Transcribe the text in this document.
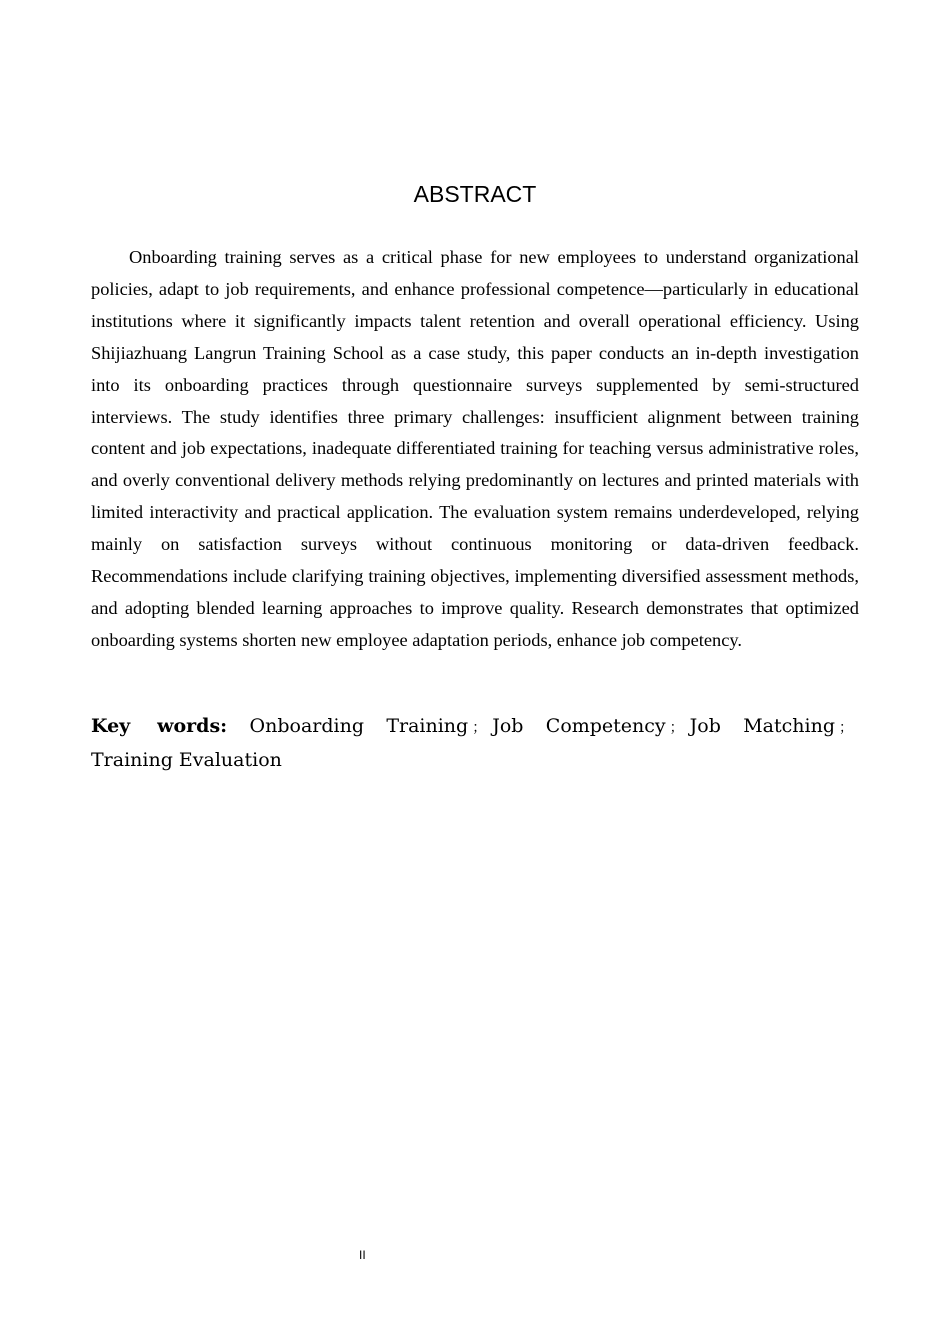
ABSTRACT

Onboarding training serves as a critical phase for new employees to understand organizational policies, adapt to job requirements, and enhance professional competence—particularly in educational institutions where it significantly impacts talent retention and overall operational efficiency. Using Shijiazhuang Langrun Training School as a case study, this paper conducts an in-depth investigation into its onboarding practices through questionnaire surveys supplemented by semi-structured interviews. The study identifies three primary challenges: insufficient alignment between training content and job expectations, inadequate differentiated training for teaching versus administrative roles, and overly conventional delivery methods relying predominantly on lectures and printed materials with limited interactivity and practical application. The evaluation system remains underdeveloped, relying mainly on satisfaction surveys without continuous monitoring or data-driven feedback. Recommendations include clarifying training objectives, implementing diversified assessment methods, and adopting blended learning approaches to improve quality. Research demonstrates that optimized onboarding systems shorten new employee adaptation periods, enhance job competency.

Key words: Onboarding Training ； Job Competency ； Job Matching ；Training Evaluation

II
